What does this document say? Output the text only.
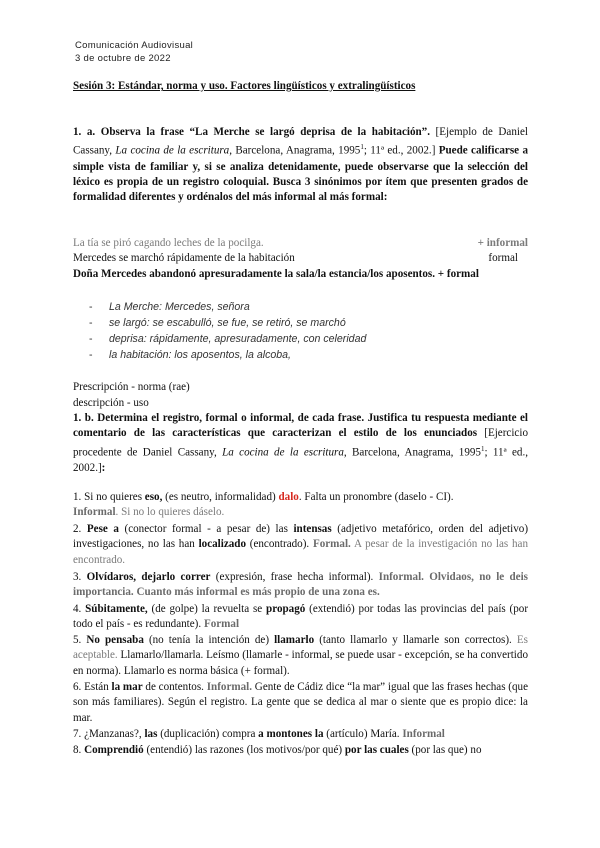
Comunicación Audiovisual
3 de octubre de 2022
Sesión 3: Estándar, norma y uso. Factores lingüísticos y extralingüísticos
1. a. Observa la frase “La Merche se largó deprisa de la habitación”. [Ejemplo de Daniel Cassany, La cocina de la escritura, Barcelona, Anagrama, 1995$^1$; 11ª ed., 2002.] Puede calificarse a simple vista de familiar y, si se analiza detenidamente, puede observarse que la selección del léxico es propia de un registro coloquial. Busca 3 sinónimos por ítem que presenten grados de formalidad diferentes y ordénalos del más informal al más formal:
La tía se piró cagando leches de la pocilga.	+ informal
Mercedes se marchó rápidamente de la habitación	formal
Doña Mercedes abandonó apresuradamente la sala/la estancia/los aposentos. + formal
- La Merche: Mercedes, señora
- se largó: se escabulló, se fue, se retiró, se marchó
- deprisa: rápidamente, apresuradamente, con celeridad
- la habitación: los aposentos, la alcoba,
Prescripción - norma (rae)
descripción - uso
1. b. Determina el registro, formal o informal, de cada frase. Justifica tu respuesta mediante el comentario de las características que caracterizan el estilo de los enunciados [Ejercicio procedente de Daniel Cassany, La cocina de la escritura, Barcelona, Anagrama, 1995$^1$; 11ª ed., 2002.]:
1. Si no quieres eso, (es neutro, informalidad) dalo. Falta un pronombre (daselo - CI).
Informal. Si no lo quieres dáselo.
2. Pese a (conector formal - a pesar de) las intensas (adjetivo metafórico, orden del adjetivo) investigaciones, no las han localizado (encontrado). Formal. A pesar de la investigación no las han encontrado.
3. Olvídaros, dejarlo correr (expresión, frase hecha informal). Informal. Olvidaos, no le deis importancia. Cuanto más informal es más propio de una zona es.
4. Súbitamente, (de golpe) la revuelta se propagó (extendió) por todas las provincias del país (por todo el país - es redundante). Formal
5. No pensaba (no tenía la intención de) llamarlo (tanto llamarlo y llamarle son correctos). Es aceptable. Llamarlo/llamarla. Leísmo (llamarle - informal, se puede usar - excepción, se ha convertido en norma). Llamarlo es norma básica (+ formal).
6. Están la mar de contentos. Informal. Gente de Cádiz dice “la mar” igual que las frases hechas (que son más familiares). Según el registro. La gente que se dedica al mar o siente que es propio dice: la mar.
7. ¿Manzanas?, las (duplicación) compra a montones la (artículo) María. Informal
8. Comprendió (entendió) las razones (los motivos/por qué) por las cuales (por las que) no
